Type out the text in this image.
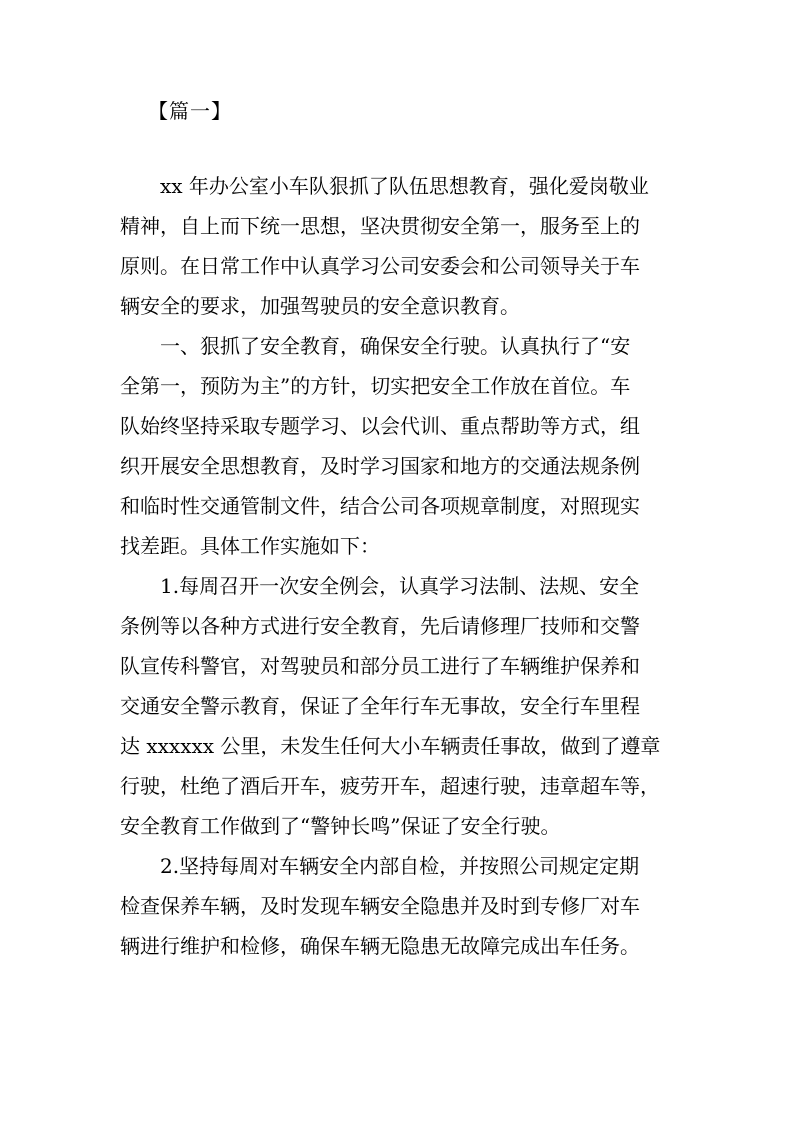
【篇一】
　　xx 年办公室小车队狠抓了队伍思想教育，强化爱岗敬业
精神，自上而下统一思想，坚决贯彻安全第一，服务至上的
原则。在日常工作中认真学习公司安委会和公司领导关于车
辆安全的要求，加强驾驶员的安全意识教育。
　　一、狠抓了安全教育，确保安全行驶。认真执行了“安
全第一，预防为主”的方针，切实把安全工作放在首位。车
队始终坚持采取专题学习、以会代训、重点帮助等方式，组
织开展安全思想教育，及时学习国家和地方的交通法规条例
和临时性交通管制文件，结合公司各项规章制度，对照现实
找差距。具体工作实施如下：
　　1.每周召开一次安全例会，认真学习法制、法规、安全
条例等以各种方式进行安全教育，先后请修理厂技师和交警
队宣传科警官，对驾驶员和部分员工进行了车辆维护保养和
交通安全警示教育，保证了全年行车无事故，安全行车里程
达 xxxxxx 公里，未发生任何大小车辆责任事故，做到了遵章
行驶，杜绝了酒后开车，疲劳开车，超速行驶，违章超车等，
安全教育工作做到了“警钟长鸣”保证了安全行驶。
　　2.坚持每周对车辆安全内部自检，并按照公司规定定期
检查保养车辆，及时发现车辆安全隐患并及时到专修厂对车
辆进行维护和检修，确保车辆无隐患无故障完成出车任务。
